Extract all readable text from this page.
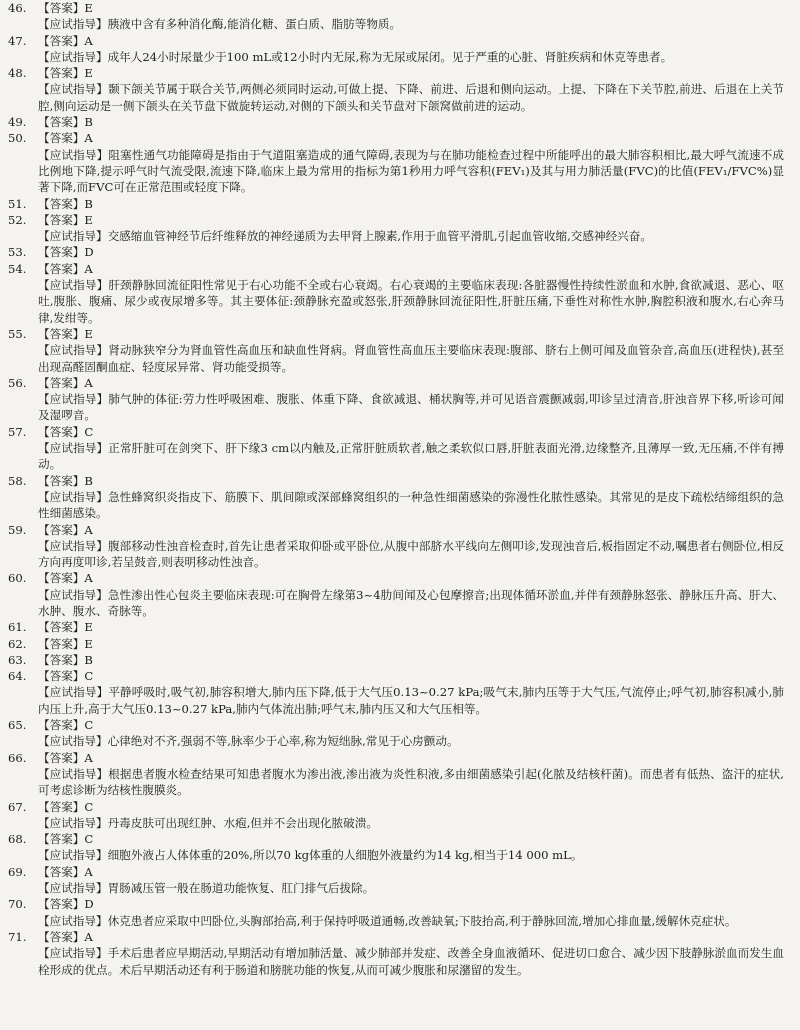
46. 【答案】E
【应试指导】胰液中含有多种消化酶,能消化糖、蛋白质、脂肪等物质。
47. 【答案】A
【应试指导】成年人24小时尿量少于100 mL或12小时内无尿,称为无尿或尿闭。见于严重的心脏、肾脏疾病和休克等患者。
48. 【答案】E
【应试指导】颞下颌关节属于联合关节,两侧必须同时运动,可做上提、下降、前进、后退和侧向运动。上提、下降在下关节腔,前进、后退在上关节腔,侧向运动是一侧下颌头在关节盘下做旋转运动,对侧的下颌头和关节盘对下颌窝做前进的运动。
49. 【答案】B
50. 【答案】A
【应试指导】阻塞性通气功能障碍是指由于气道阻塞造成的通气障碍,表现为与在肺功能检查过程中所能呼出的最大肺容积相比,最大呼气流速不成比例地下降,提示呼气时气流受限,流速下降,临床上最为常用的指标为第1秒用力呼气容积(FEV₁)及其与用力肺活量(FVC)的比值(FEV₁/FVC%)显著下降,而FVC可在正常范围或轻度下降。
51. 【答案】B
52. 【答案】E
【应试指导】交感缩血管神经节后纤维释放的神经递质为去甲肾上腺素,作用于血管平滑肌,引起血管收缩,交感神经兴奋。
53. 【答案】D
54. 【答案】A
【应试指导】肝颈静脉回流征阳性常见于右心功能不全或右心衰竭。右心衰竭的主要临床表现:各脏器慢性持续性淤血和水肿,食欲减退、恶心、呕吐,腹胀、腹痛、尿少或夜尿增多等。其主要体征:颈静脉充盈或怒张,肝颈静脉回流征阳性,肝脏压痛,下垂性对称性水肿,胸腔积液和腹水,右心奔马律,发绀等。
55. 【答案】E
【应试指导】肾动脉狭窄分为肾血管性高血压和缺血性肾病。肾血管性高血压主要临床表现:腹部、脐右上侧可闻及血管杂音,高血压(进程快),甚至出现高醛固酮血症、轻度尿异常、肾功能受损等。
56. 【答案】A
【应试指导】肺气肿的体征:劳力性呼吸困难、腹胀、体重下降、食欲减退、桶状胸等,并可见语音震颤减弱,叩诊呈过清音,肝浊音界下移,听诊可闻及湿啰音。
57. 【答案】C
【应试指导】正常肝脏可在剑突下、肝下缘3 cm以内触及,正常肝脏质软者,触之柔软似口唇,肝脏表面光滑,边缘整齐,且薄厚一致,无压痛,不伴有搏动。
58. 【答案】B
【应试指导】急性蜂窝织炎指皮下、筋膜下、肌间隙或深部蜂窝组织的一种急性细菌感染的弥漫性化脓性感染。其常见的是皮下疏松结缔组织的急性细菌感染。
59. 【答案】A
【应试指导】腹部移动性浊音检查时,首先让患者采取仰卧或平卧位,从腹中部脐水平线向左侧叩诊,发现浊音后,板指固定不动,嘱患者右侧卧位,相反方向再度叩诊,若呈鼓音,则表明移动性浊音。
60. 【答案】A
【应试指导】急性渗出性心包炎主要临床表现:可在胸骨左缘第3~4肋间闻及心包摩擦音;出现体循环淤血,并伴有颈静脉怒张、静脉压升高、肝大、水肿、腹水、奇脉等。
61. 【答案】E
62. 【答案】E
63. 【答案】B
64. 【答案】C
【应试指导】平静呼吸时,吸气初,肺容积增大,肺内压下降,低于大气压0.13~0.27 kPa;吸气末,肺内压等于大气压,气流停止;呼气初,肺容积减小,肺内压上升,高于大气压0.13~0.27 kPa,肺内气体流出肺;呼气末,肺内压又和大气压相等。
65. 【答案】C
【应试指导】心律绝对不齐,强弱不等,脉率少于心率,称为短绌脉,常见于心房颤动。
66. 【答案】A
【应试指导】根据患者腹水检查结果可知患者腹水为渗出液,渗出液为炎性积液,多由细菌感染引起(化脓及结核杆菌)。而患者有低热、盗汗的症状,可考虑诊断为结核性腹膜炎。
67. 【答案】C
【应试指导】丹毒皮肤可出现红肿、水疱,但并不会出现化脓破溃。
68. 【答案】C
【应试指导】细胞外液占人体体重的20%,所以70 kg体重的人细胞外液量约为14 kg,相当于14 000 mL。
69. 【答案】A
【应试指导】胃肠减压管一般在肠道功能恢复、肛门排气后拔除。
70. 【答案】D
【应试指导】休克患者应采取中凹卧位,头胸部抬高,利于保持呼吸道通畅,改善缺氧;下肢抬高,利于静脉回流,增加心排血量,缓解休克症状。
71. 【答案】A
【应试指导】手术后患者应早期活动,早期活动有增加肺活量、减少肺部并发症、改善全身血液循环、促进切口愈合、减少因下肢静脉淤血而发生血栓形成的优点。术后早期活动还有利于肠道和膀胱功能的恢复,从而可减少腹胀和尿潴留的发生。
